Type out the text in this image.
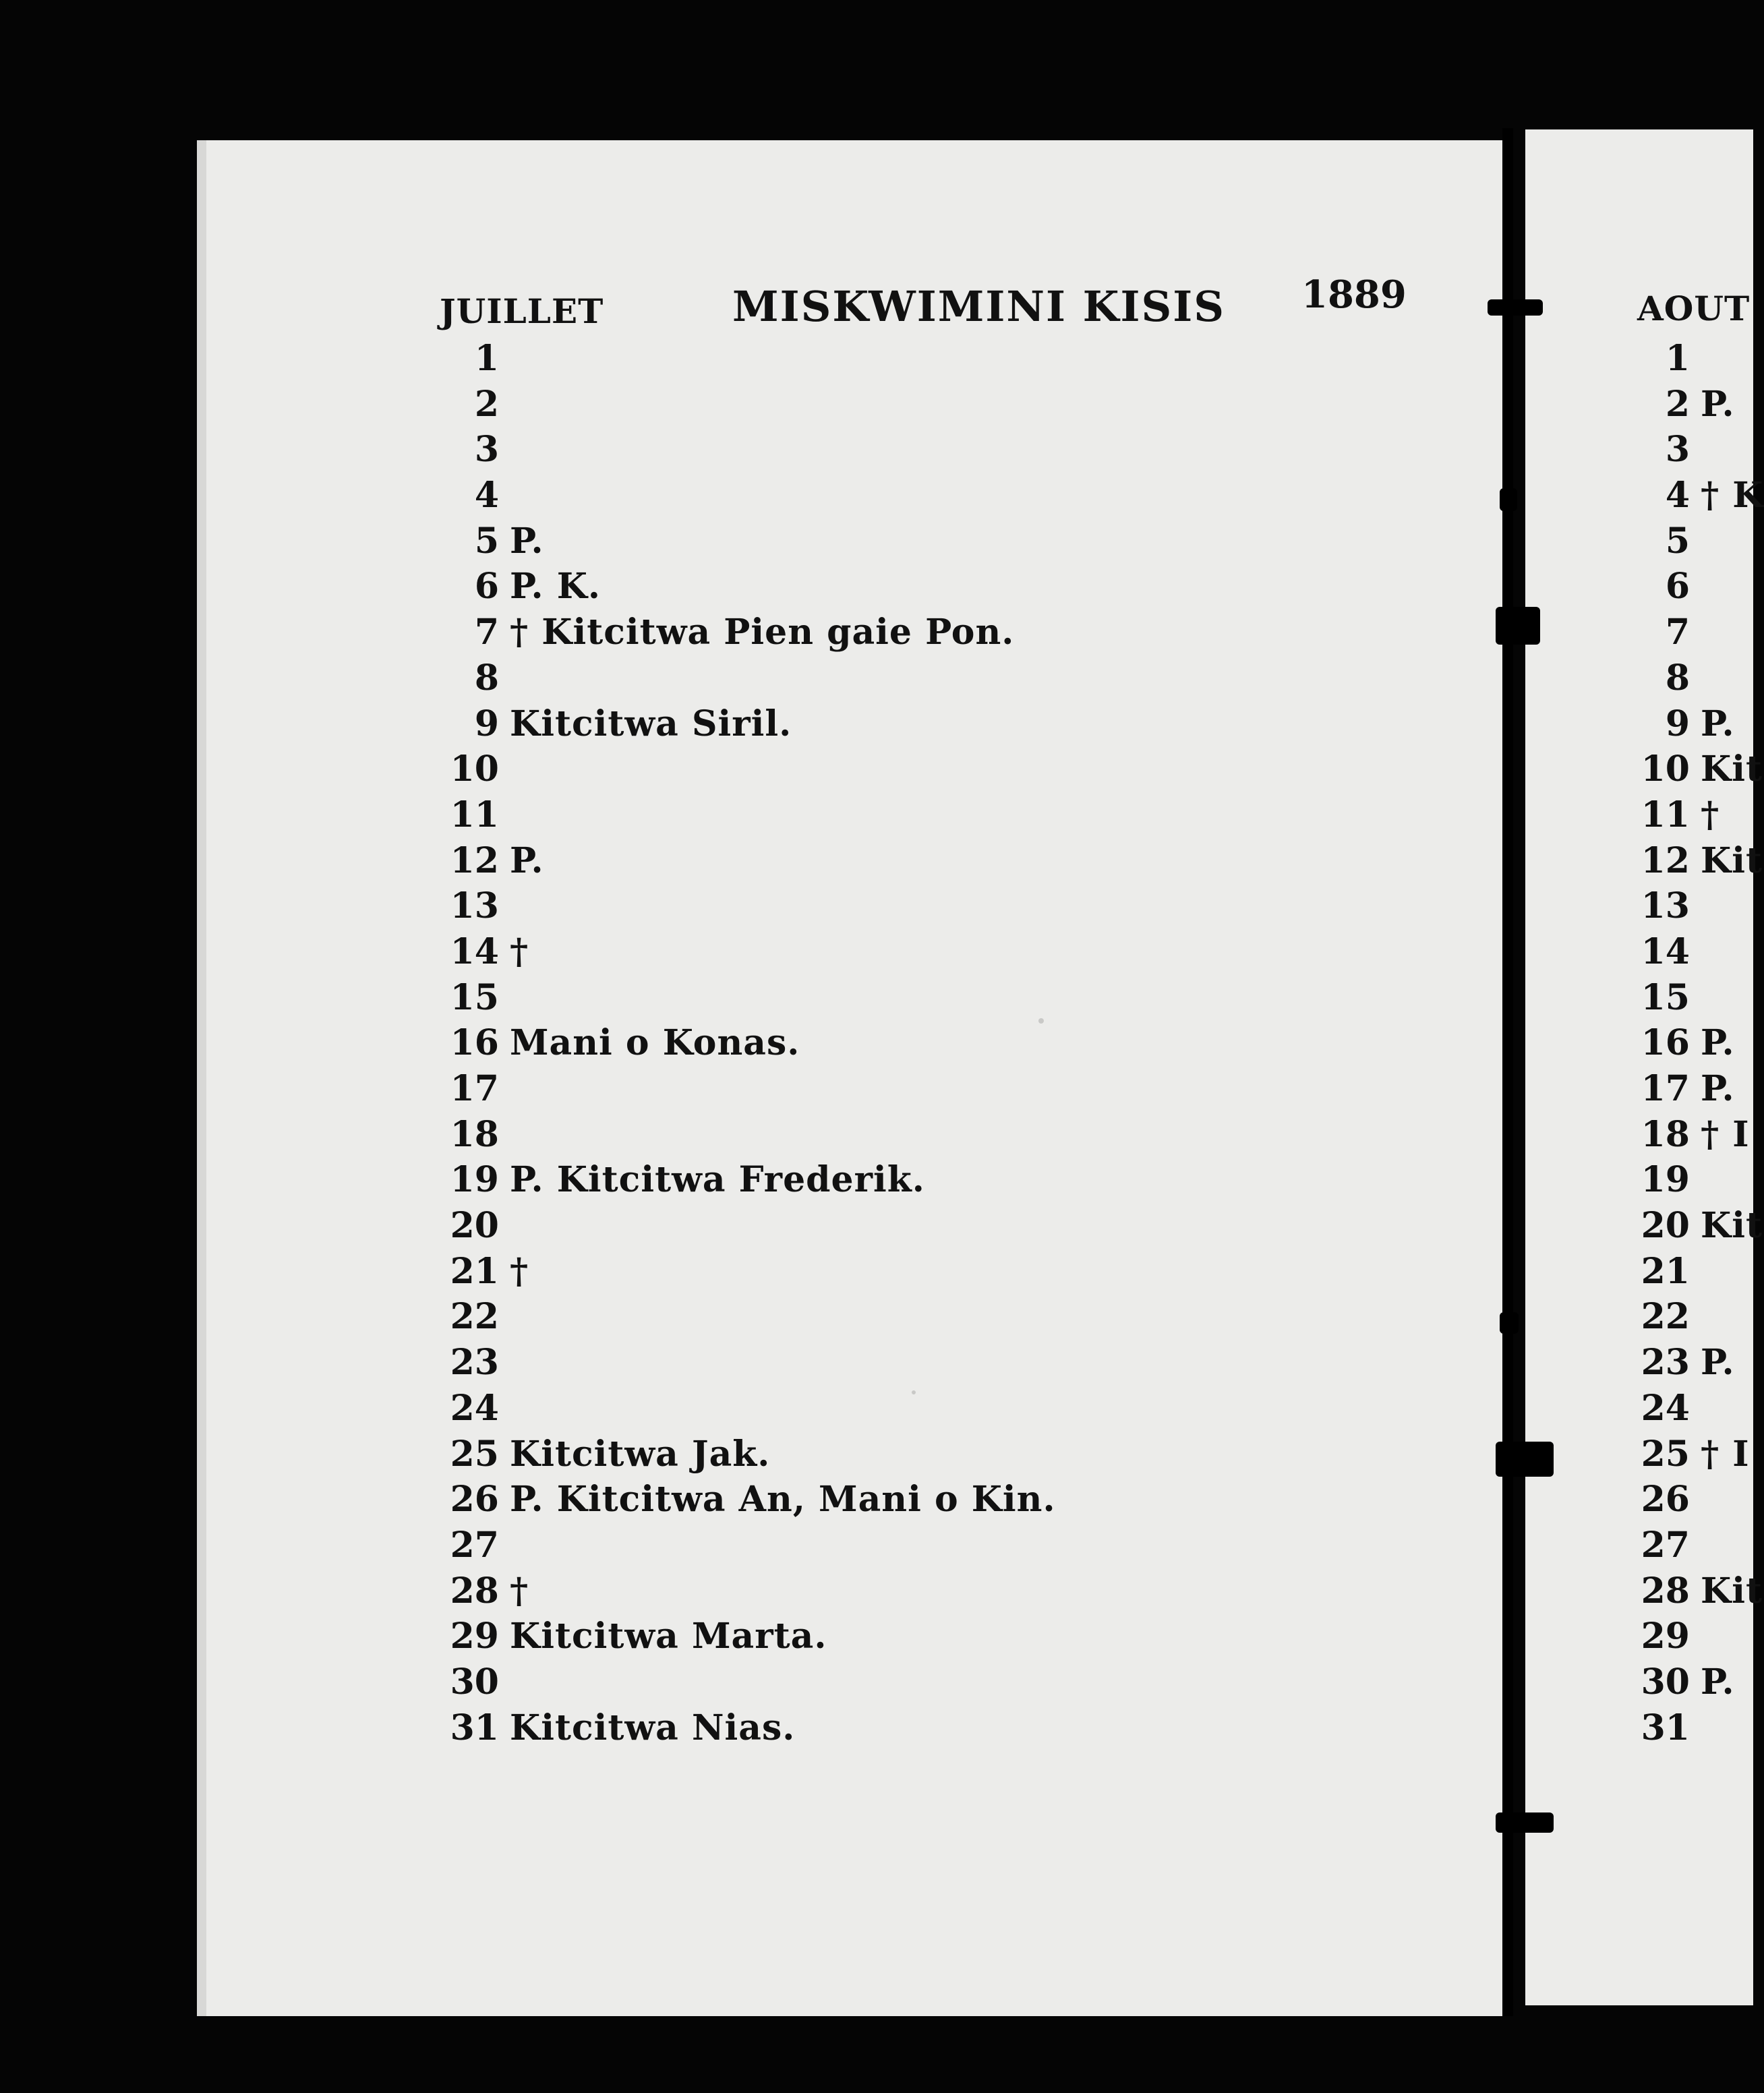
JUILLET	MISKWIMINI KISIS 1889	AOUT
1
2
3
4
5 P.
6 P. K.
7 † Kitcitwa Pien gaie Pon.
8
9 Kitcitwa Siril.
10
11
12 P.
13
14 †
15
16 Mani o Konas.
17
18
19 P. Kitcitwa Frederik.
20
21 †
22
23
24
25 Kitcitwa Jak.
26 P. Kitcitwa An, Mani o Kin.
27
28 †
29 Kitcitwa Marta.
30
31 Kitcitwa Nias.
1
2 P.
3
4 † K
5
6
7
8
9 P.
10 Kit
11 †
12 Kit
13
14
15
16 P.
17 P.
18 † I
19
20 Kit
21
22
23 P.
24
25 † I
26
27
28 Kit
29
30 P.
31
